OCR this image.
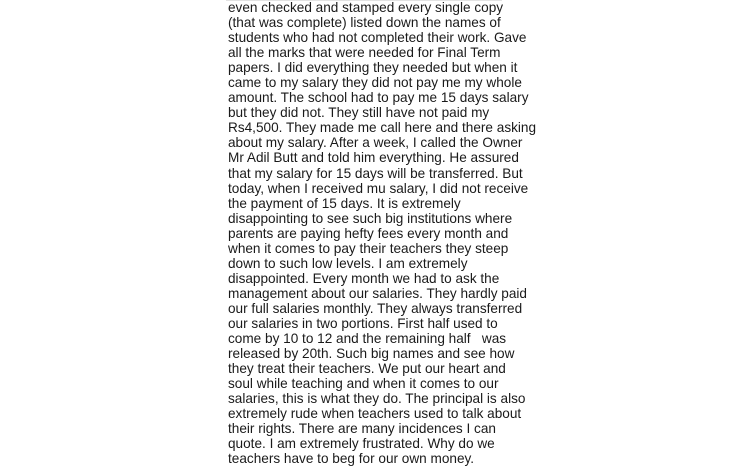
even checked and stamped every single copy
(that was complete) listed down the names of
students who had not completed their work. Gave
all the marks that were needed for Final Term
papers. I did everything they needed but when it
came to my salary they did not pay me my whole
amount. The school had to pay me 15 days salary
but they did not. They still have not paid my
Rs4,500. They made me call here and there asking
about my salary. After a week, I called the Owner
Mr Adil Butt and told him everything. He assured
that my salary for 15 days will be transferred. But
today, when I received mu salary, I did not receive
the payment of 15 days. It is extremely
disappointing to see such big institutions where
parents are paying hefty fees every month and
when it comes to pay their teachers they steep
down to such low levels. I am extremely
disappointed. Every month we had to ask the
management about our salaries. They hardly paid
our full salaries monthly. They always transferred
our salaries in two portions. First half used to
come by 10 to 12 and the remaining half   was
released by 20th. Such big names and see how
they treat their teachers. We put our heart and
soul while teaching and when it comes to our
salaries, this is what they do. The principal is also
extremely rude when teachers used to talk about
their rights. There are many incidences I can
quote. I am extremely frustrated. Why do we
teachers have to beg for our own money.
